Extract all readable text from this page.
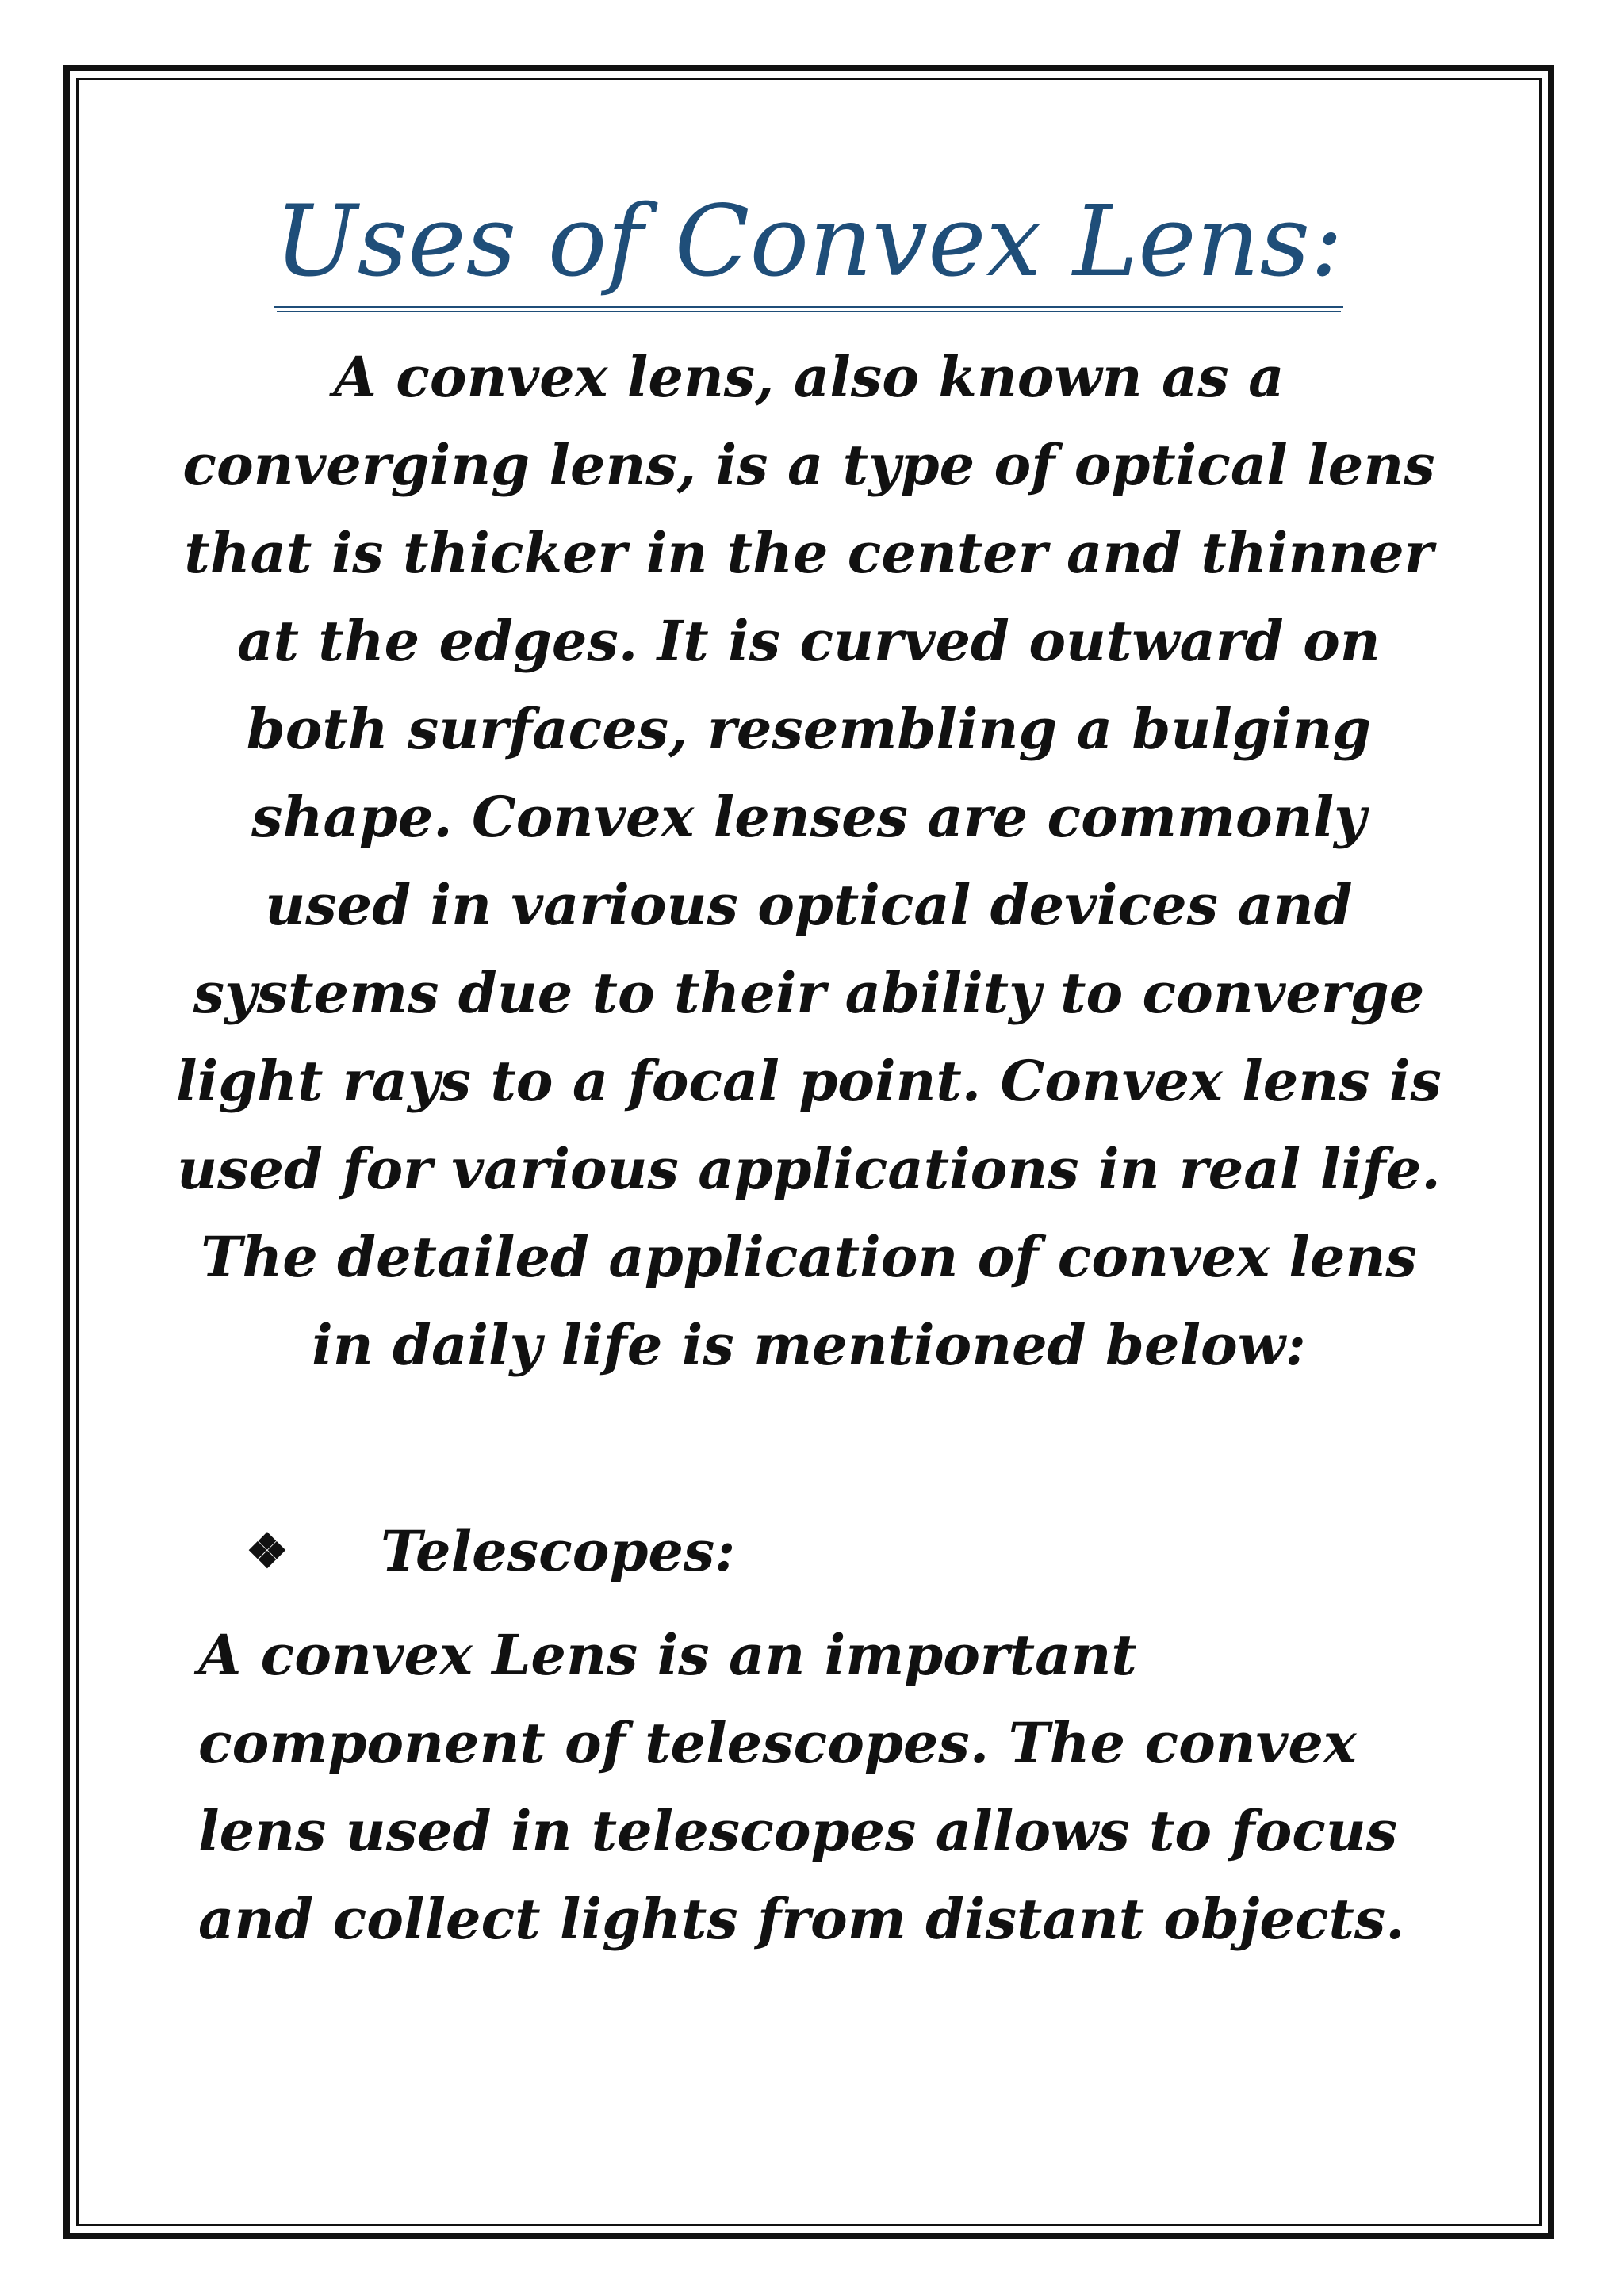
Uses of Convex Lens:

A convex lens, also known as a converging lens, is a type of optical lens that is thicker in the center and thinner at the edges. It is curved outward on both surfaces, resembling a bulging shape. Convex lenses are commonly used in various optical devices and systems due to their ability to converge light rays to a focal point. Convex lens is used for various applications in real life. The detailed application of convex lens in daily life is mentioned below:

❖	Telescopes:

A convex Lens is an important component of telescopes. The convex lens used in telescopes allows to focus and collect lights from distant objects.
